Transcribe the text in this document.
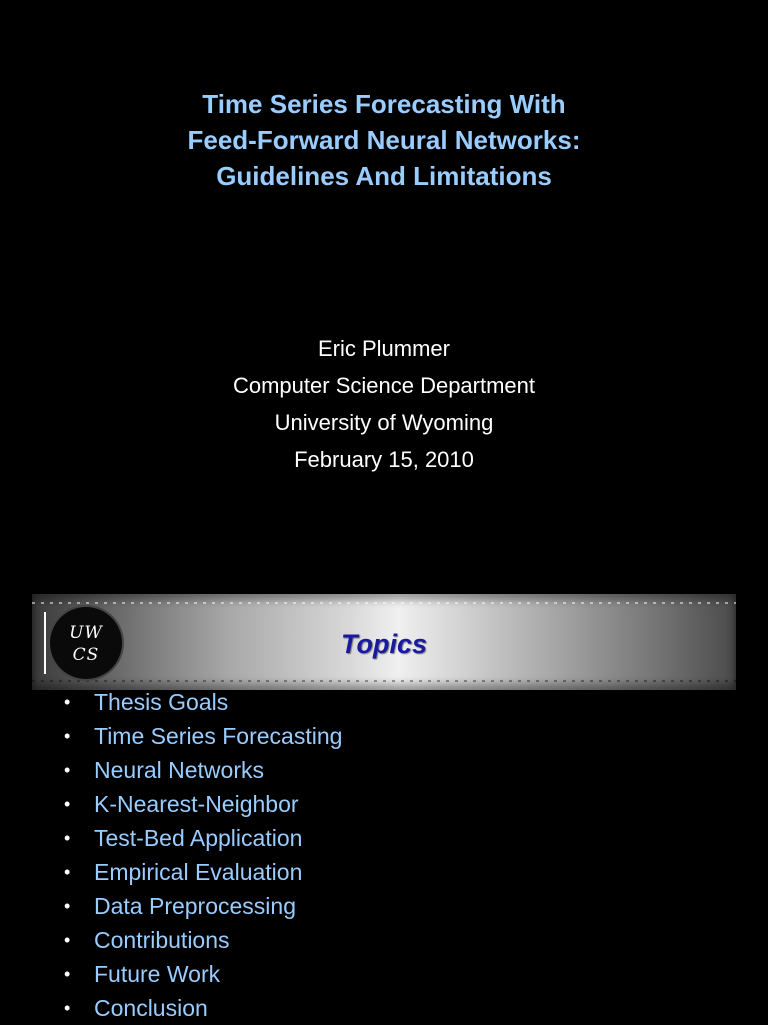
Time Series Forecasting With
Feed-Forward Neural Networks:
Guidelines And Limitations
Eric Plummer
Computer Science Department
University of Wyoming
February 15, 2010
UW
CS	Topics
• Thesis Goals
• Time Series Forecasting
• Neural Networks
• K-Nearest-Neighbor
• Test-Bed Application
• Empirical Evaluation
• Data Preprocessing
• Contributions
• Future Work
• Conclusion
